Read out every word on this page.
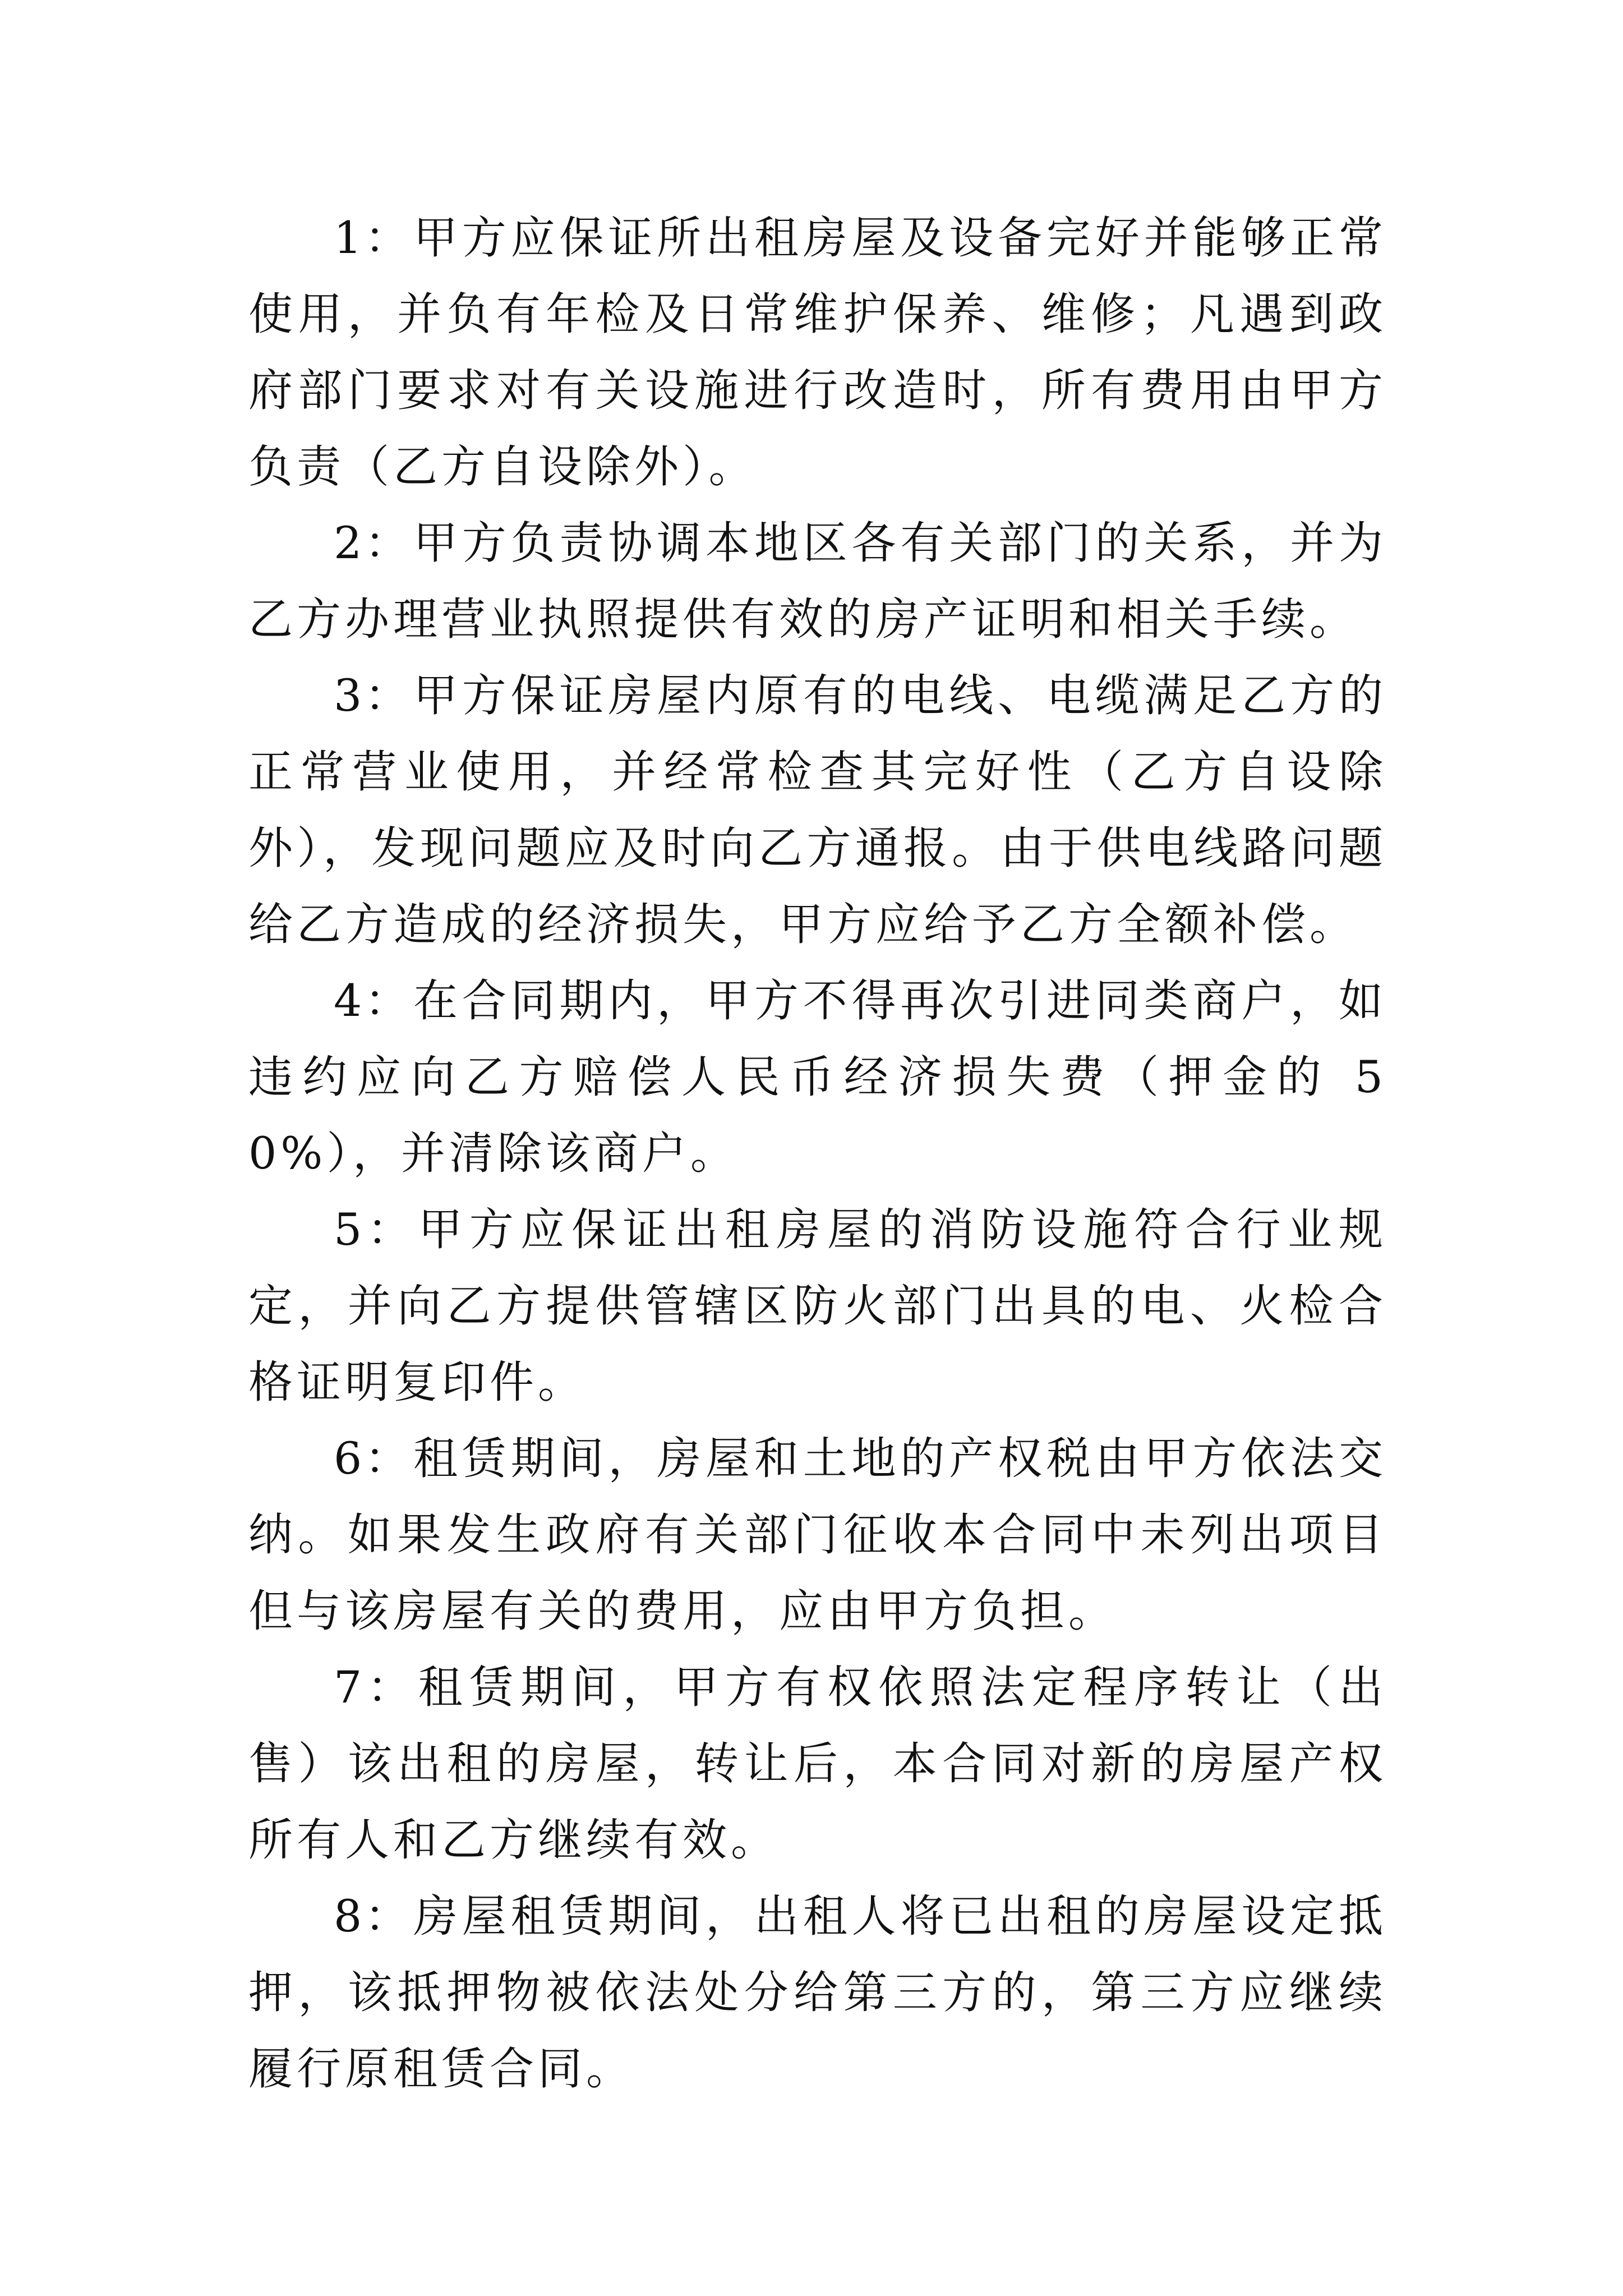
1：甲方应保证所出租房屋及设备完好并能够正常使用，并负有年检及日常维护保养、维修；凡遇到政府部门要求对有关设施进行改造时，所有费用由甲方负责（乙方自设除外）。

2：甲方负责协调本地区各有关部门的关系，并为乙方办理营业执照提供有效的房产证明和相关手续。

3：甲方保证房屋内原有的电线、电缆满足乙方的正常营业使用，并经常检查其完好性（乙方自设除外），发现问题应及时向乙方通报。由于供电线路问题给乙方造成的经济损失，甲方应给予乙方全额补偿。

4：在合同期内，甲方不得再次引进同类商户，如违约应向乙方赔偿人民币经济损失费（押金的 50%），并清除该商户。

5：甲方应保证出租房屋的消防设施符合行业规定，并向乙方提供管辖区防火部门出具的电、火检合格证明复印件。

6：租赁期间，房屋和土地的产权税由甲方依法交纳。如果发生政府有关部门征收本合同中未列出项目但与该房屋有关的费用，应由甲方负担。

7：租赁期间，甲方有权依照法定程序转让（出售）该出租的房屋，转让后，本合同对新的房屋产权所有人和乙方继续有效。

8：房屋租赁期间，出租人将已出租的房屋设定抵押，该抵押物被依法处分给第三方的，第三方应继续履行原租赁合同。
